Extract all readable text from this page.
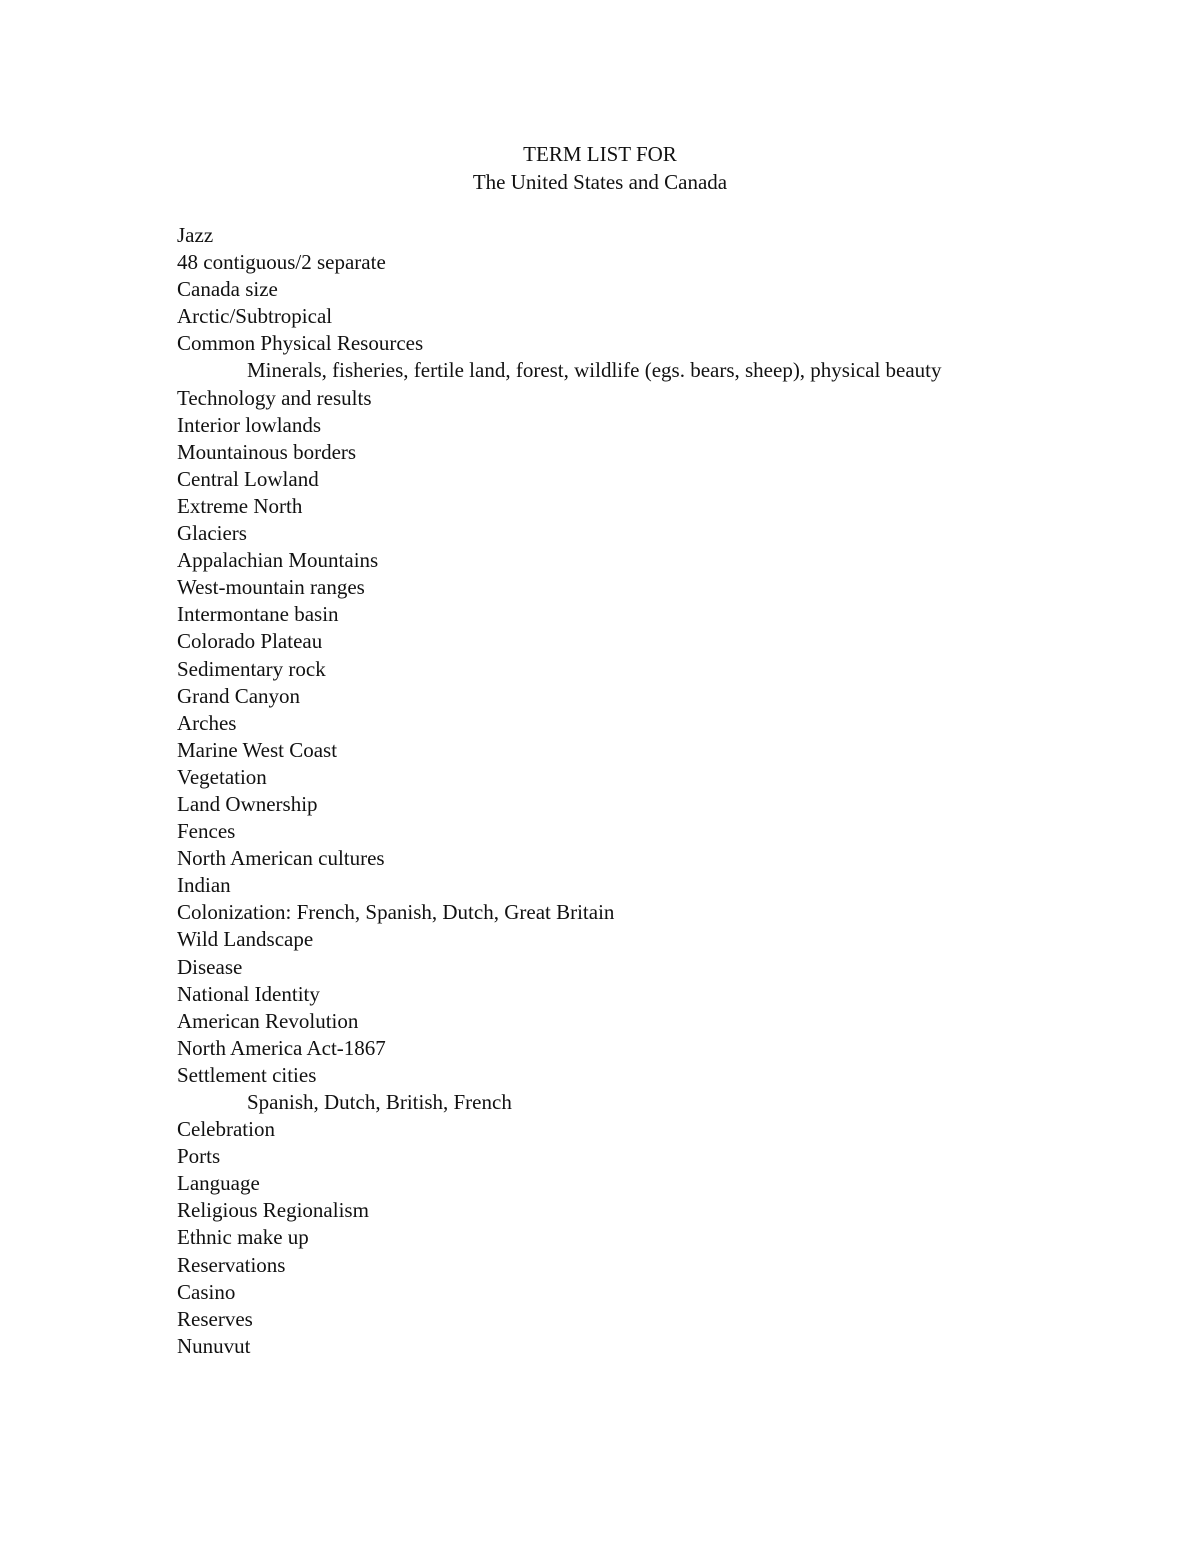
TERM LIST FOR
The United States and Canada
Jazz
48 contiguous/2 separate
Canada size
Arctic/Subtropical
Common Physical Resources
Minerals, fisheries, fertile land, forest, wildlife (egs. bears, sheep), physical beauty
Technology and results
Interior lowlands
Mountainous borders
Central Lowland
Extreme North
Glaciers
Appalachian Mountains
West-mountain ranges
Intermontane basin
Colorado Plateau
Sedimentary rock
Grand Canyon
Arches
Marine West Coast
Vegetation
Land Ownership
Fences
North American cultures
Indian
Colonization: French, Spanish, Dutch, Great Britain
Wild Landscape
Disease
National Identity
American Revolution
North America Act-1867
Settlement cities
Spanish, Dutch, British, French
Celebration
Ports
Language
Religious Regionalism
Ethnic make up
Reservations
Casino
Reserves
Nunuvut
